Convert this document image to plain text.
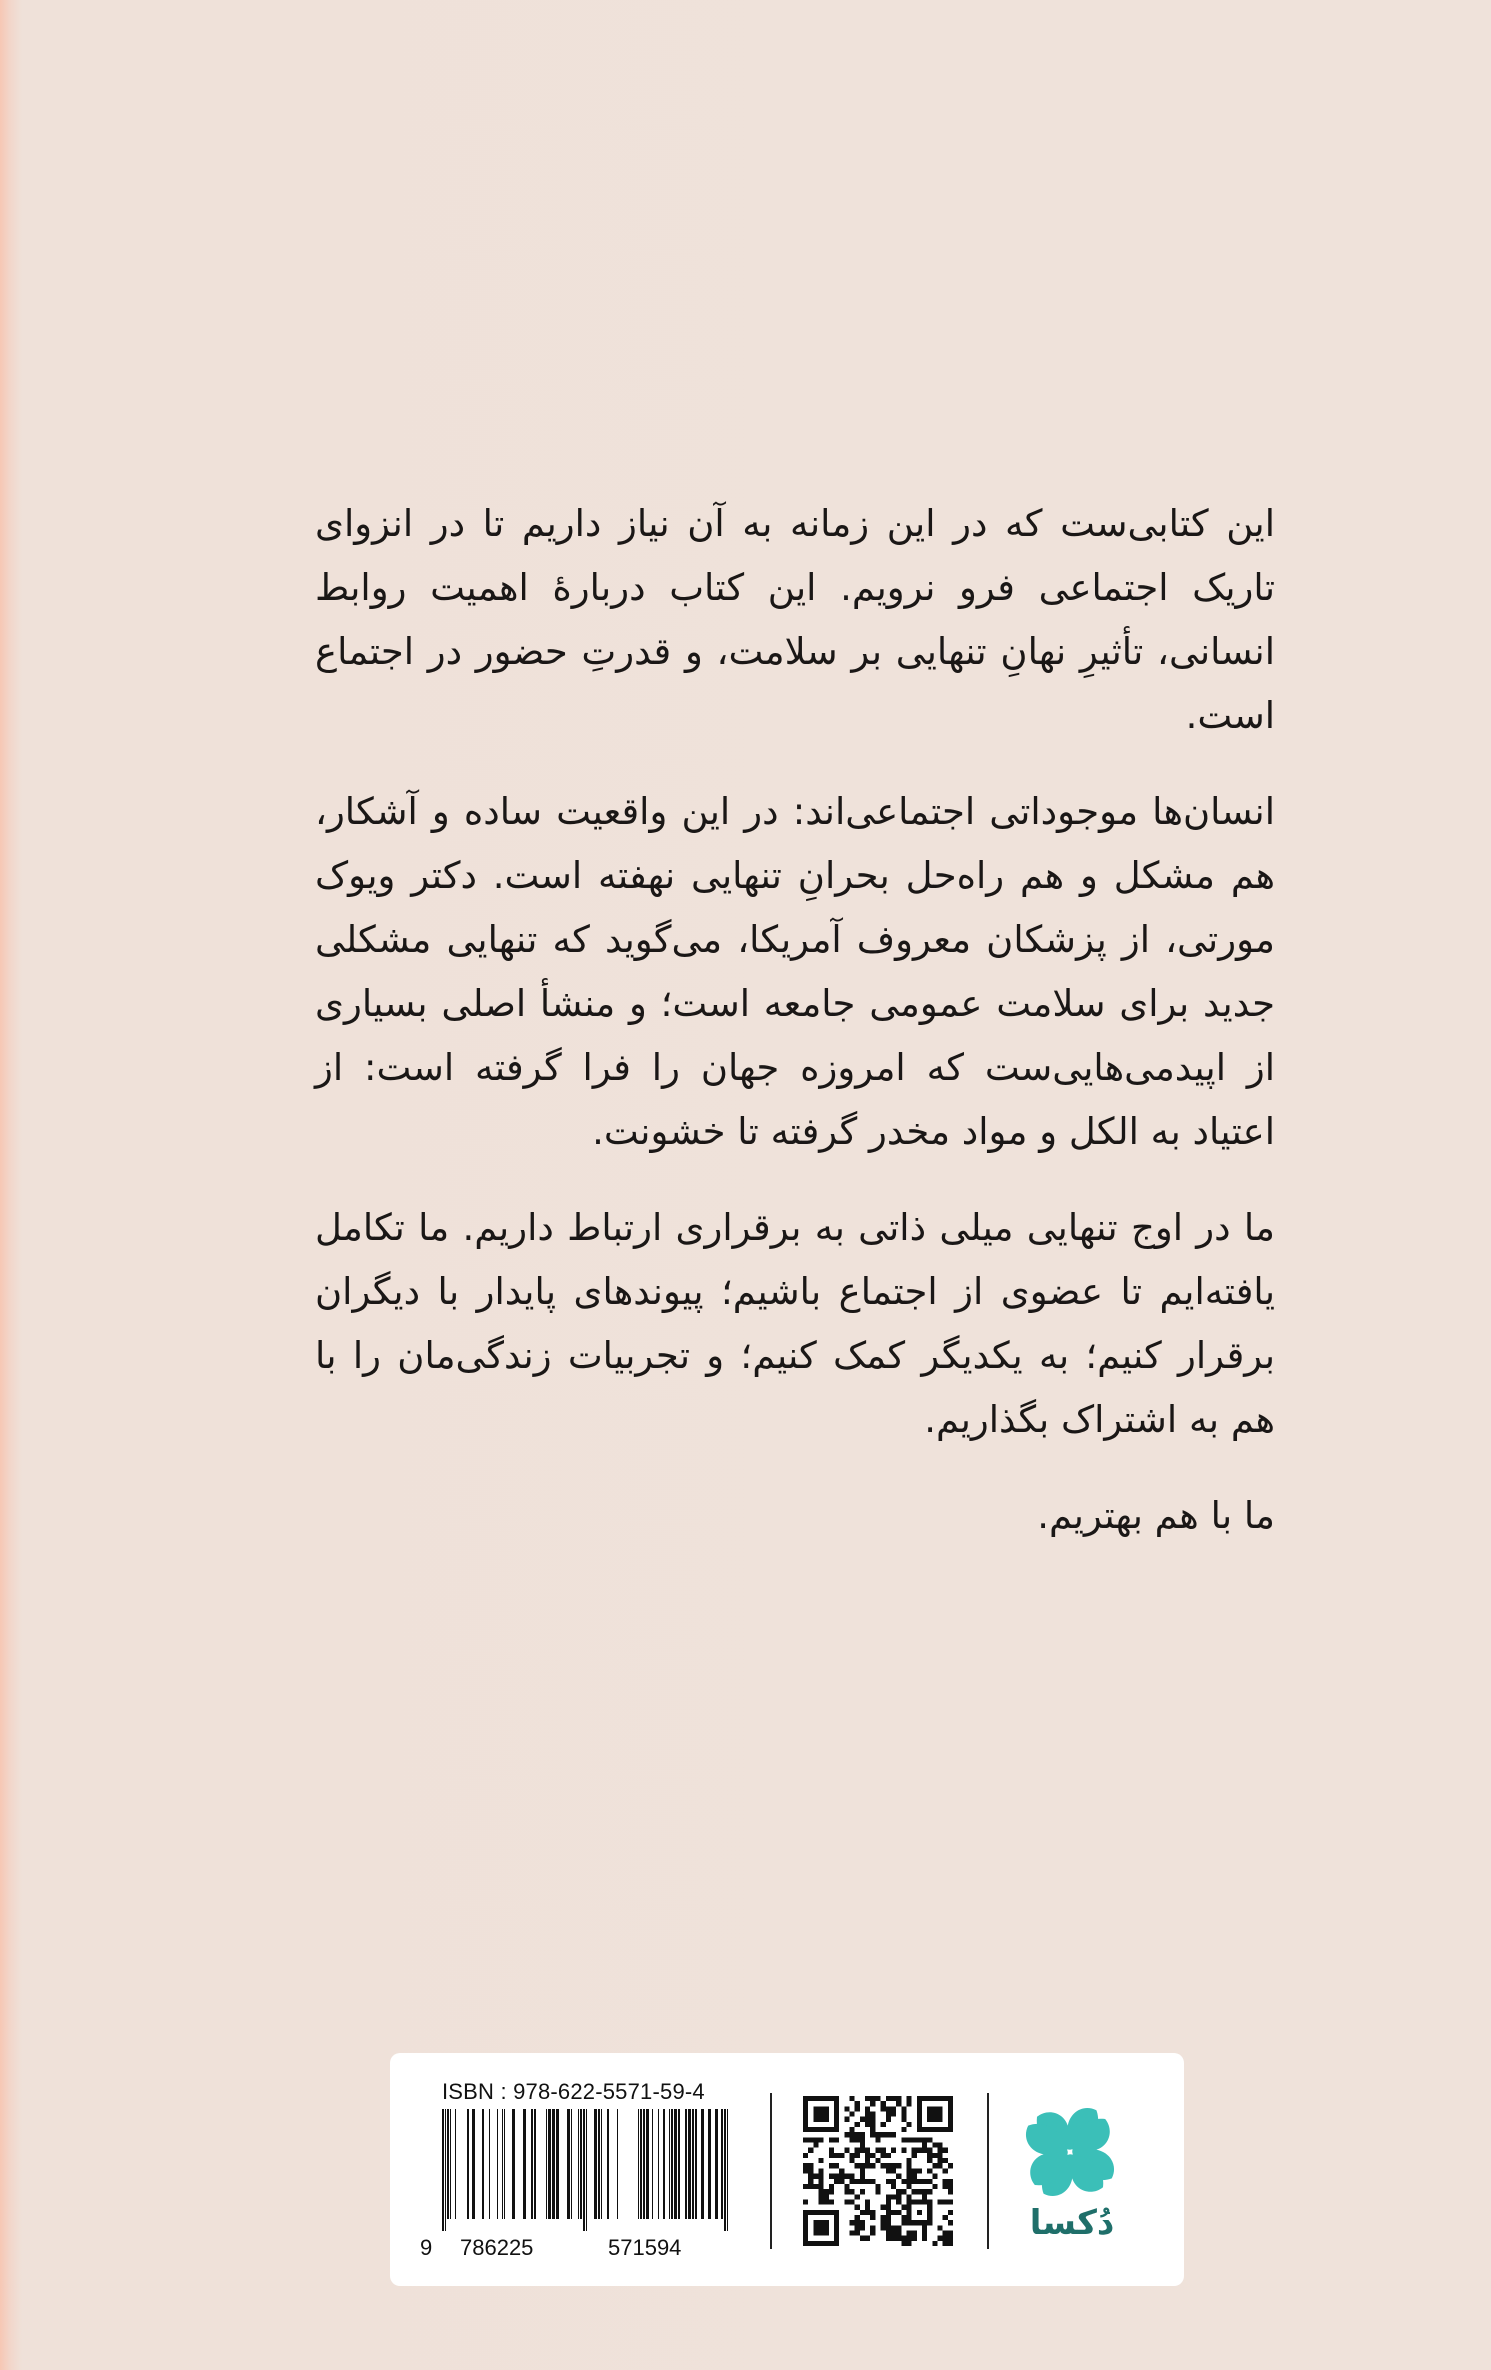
این کتابی‌ست که در این زمانه به آن نیاز داریم تا در انزوای تاریک اجتماعی فرو نرویم. این کتاب دربارهٔ اهمیت روابط انسانی، تأثیرِ نهانِ تنهایی بر سلامت، و قدرتِ حضور در اجتماع است.

انسان‌ها موجوداتی اجتماعی‌اند: در این واقعیت ساده و آشکار، هم مشکل و هم راه‌حل بحرانِ تنهایی نهفته است. دکتر ویوک مورتی، از پزشکان معروف آمریکا، می‌گوید که تنهایی مشکلی جدید برای سلامت عمومی جامعه است؛ و منشأ اصلی بسیاری از اپیدمی‌هایی‌ست که امروزه جهان را فرا گرفته است: از اعتیاد به الکل و مواد مخدر گرفته تا خشونت.

ما در اوج تنهایی میلی ذاتی به برقراری ارتباط داریم. ما تکامل یافته‌ایم تا عضوی از اجتماع باشیم؛ پیوندهای پایدار با دیگران برقرار کنیم؛ به یکدیگر کمک کنیم؛ و تجربیات زندگی‌مان را با هم به اشتراک بگذاریم.

ما با هم بهتریم.

ISBN : 978-622-5571-59-4
9 786225	571594
دُکسا
